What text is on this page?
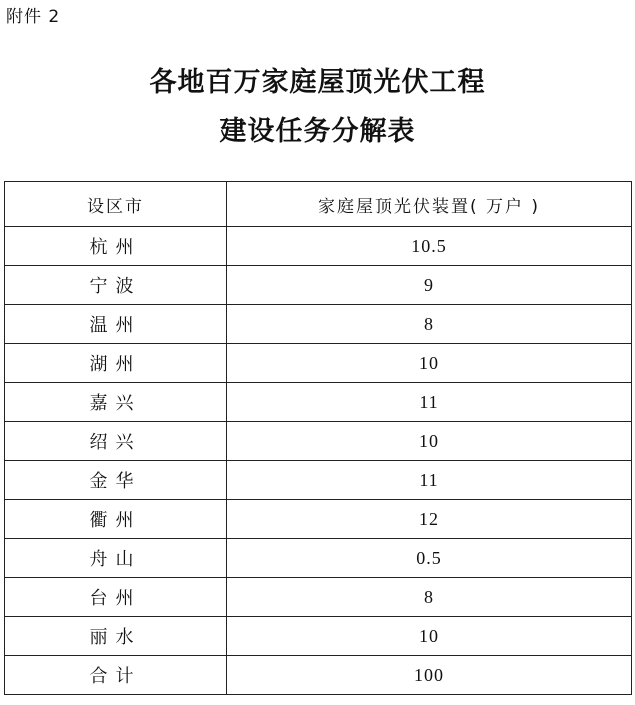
附件 2
各地百万家庭屋顶光伏工程
建设任务分解表
设区市	家庭屋顶光伏装置( 万户 )
杭州	10.5
宁波	9
温州	8
湖州	10
嘉兴	11
绍兴	10
金华	11
衢州	12
舟山	0.5
台州	8
丽水	10
合计	100
